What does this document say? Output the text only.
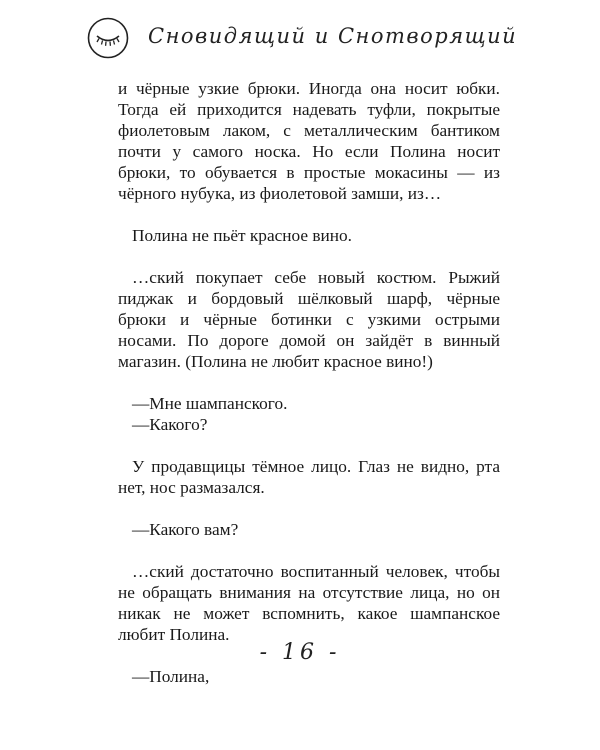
Сновидящий и Снотворящий

и чёрные узкие брюки. Иногда она носит юбки. Тогда ей приходится надевать туфли, покрытые фиолетовым лаком, с металлическим бантиком почти у самого носка. Но если Полина носит брюки, то обувается в простые мокасины — из чёрного нубука, из фиолетовой замши, из…

Полина не пьёт красное вино.

…ский покупает себе новый костюм. Рыжий пиджак и бордовый шёлковый шарф, чёрные брюки и чёрные ботинки с узкими острыми носами. По дороге домой он зайдёт в винный магазин. (Полина не любит красное вино!)

—Мне шампанского.

—Какого?

У продавщицы тёмное лицо. Глаз не видно, рта нет, нос размазался.

—Какого вам?

…ский достаточно воспитанный человек, чтобы не обращать внимания на отсутствие лица, но он никак не может вспомнить, какое шампанское любит Полина.

—Полина,

- 16 -
